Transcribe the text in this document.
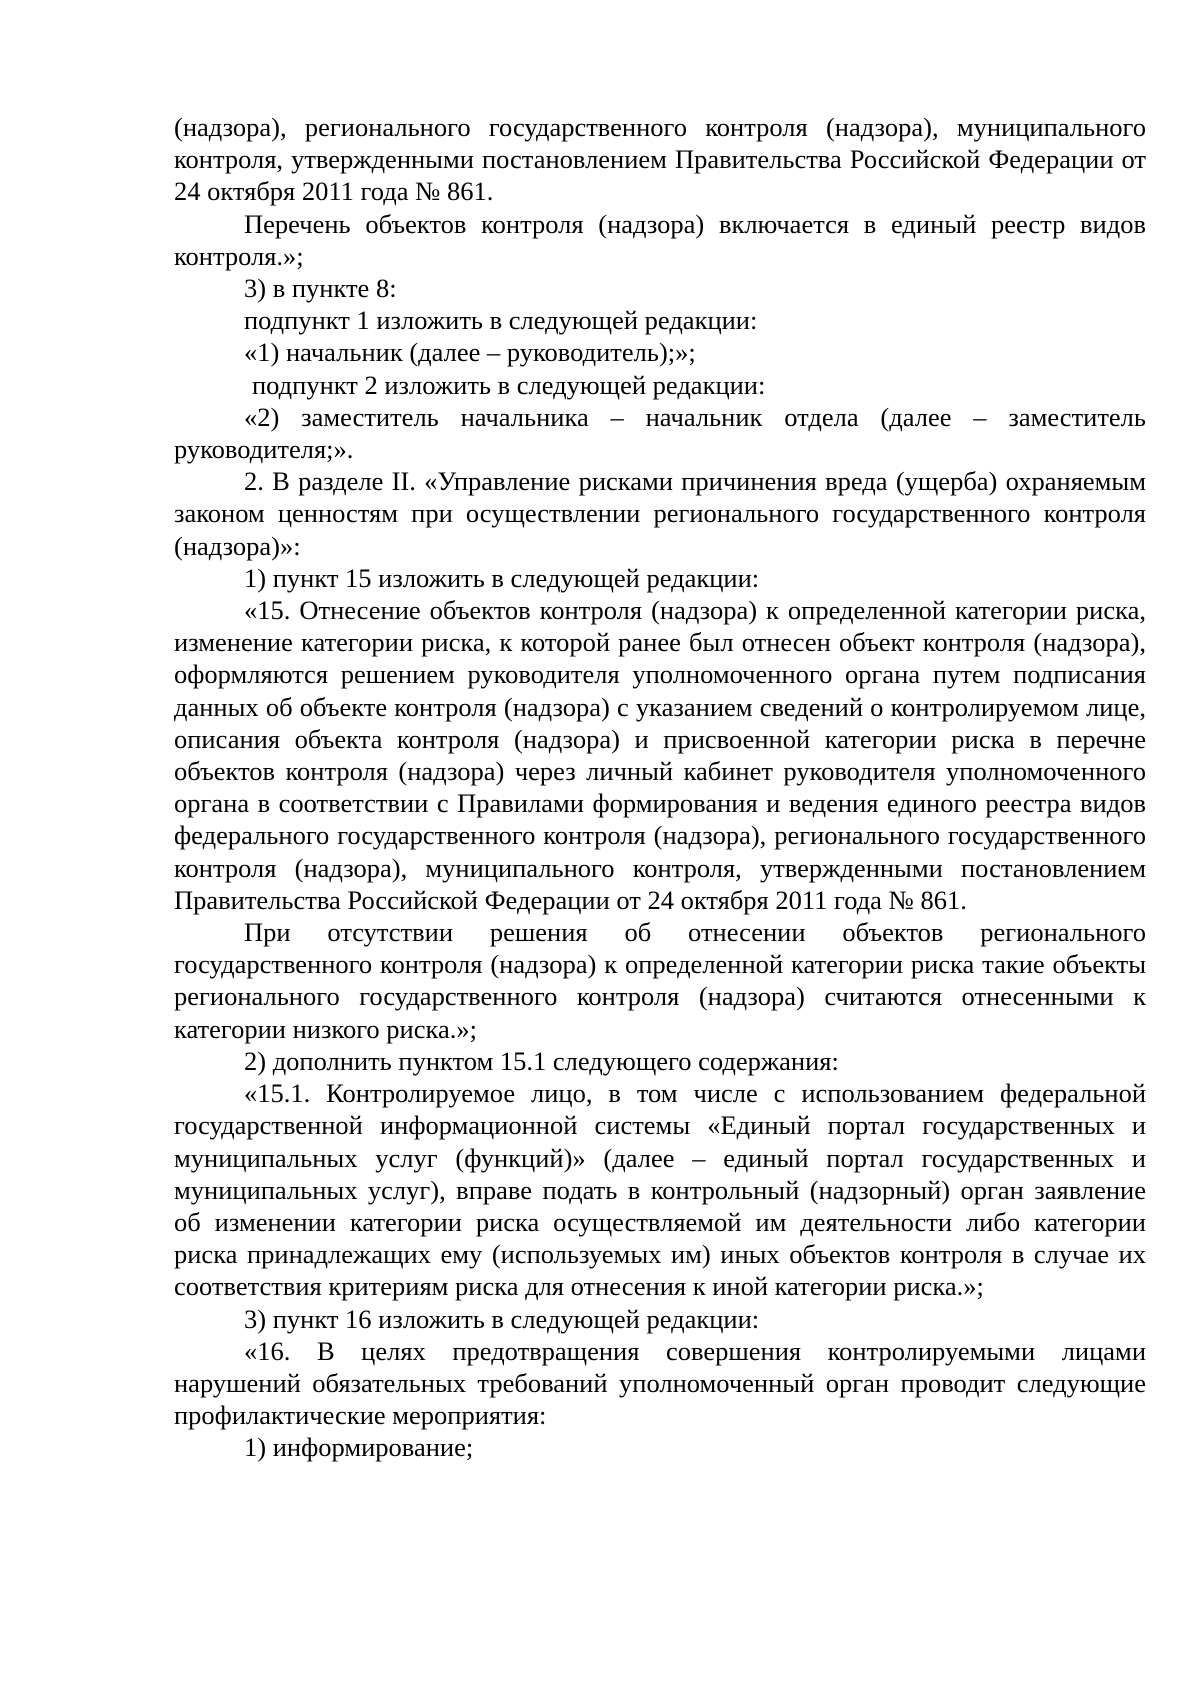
(надзора), регионального государственного контроля (надзора), муниципального контроля, утвержденными постановлением Правительства Российской Федерации от 24 октября 2011 года № 861.

Перечень объектов контроля (надзора) включается в единый реестр видов контроля.»;

3) в пункте 8:

подпункт 1 изложить в следующей редакции:

«1) начальник (далее – руководитель);»;

подпункт 2 изложить в следующей редакции:

«2) заместитель начальника – начальник отдела (далее – заместитель руководителя;».

2. В разделе II. «Управление рисками причинения вреда (ущерба) охраняемым законом ценностям при осуществлении регионального государственного контроля (надзора)»:

1) пункт 15 изложить в следующей редакции:

«15. Отнесение объектов контроля (надзора) к определенной категории риска, изменение категории риска, к которой ранее был отнесен объект контроля (надзора), оформляются решением руководителя уполномоченного органа путем подписания данных об объекте контроля (надзора) с указанием сведений о контролируемом лице, описания объекта контроля (надзора) и присвоенной категории риска в перечне объектов контроля (надзора) через личный кабинет руководителя уполномоченного органа в соответствии с Правилами формирования и ведения единого реестра видов федерального государственного контроля (надзора), регионального государственного контроля (надзора), муниципального контроля, утвержденными постановлением Правительства Российской Федерации от 24 октября 2011 года № 861.

При отсутствии решения об отнесении объектов регионального государственного контроля (надзора) к определенной категории риска такие объекты регионального государственного контроля (надзора) считаются отнесенными к категории низкого риска.»;

2) дополнить пунктом 15.1 следующего содержания:

«15.1. Контролируемое лицо, в том числе с использованием федеральной государственной информационной системы «Единый портал государственных и муниципальных услуг (функций)» (далее – единый портал государственных и муниципальных услуг), вправе подать в контрольный (надзорный) орган заявление об изменении категории риска осуществляемой им деятельности либо категории риска принадлежащих ему (используемых им) иных объектов контроля в случае их соответствия критериям риска для отнесения к иной категории риска.»;

3) пункт 16 изложить в следующей редакции:

«16. В целях предотвращения совершения контролируемыми лицами нарушений обязательных требований уполномоченный орган проводит следующие профилактические мероприятия:

1) информирование;
